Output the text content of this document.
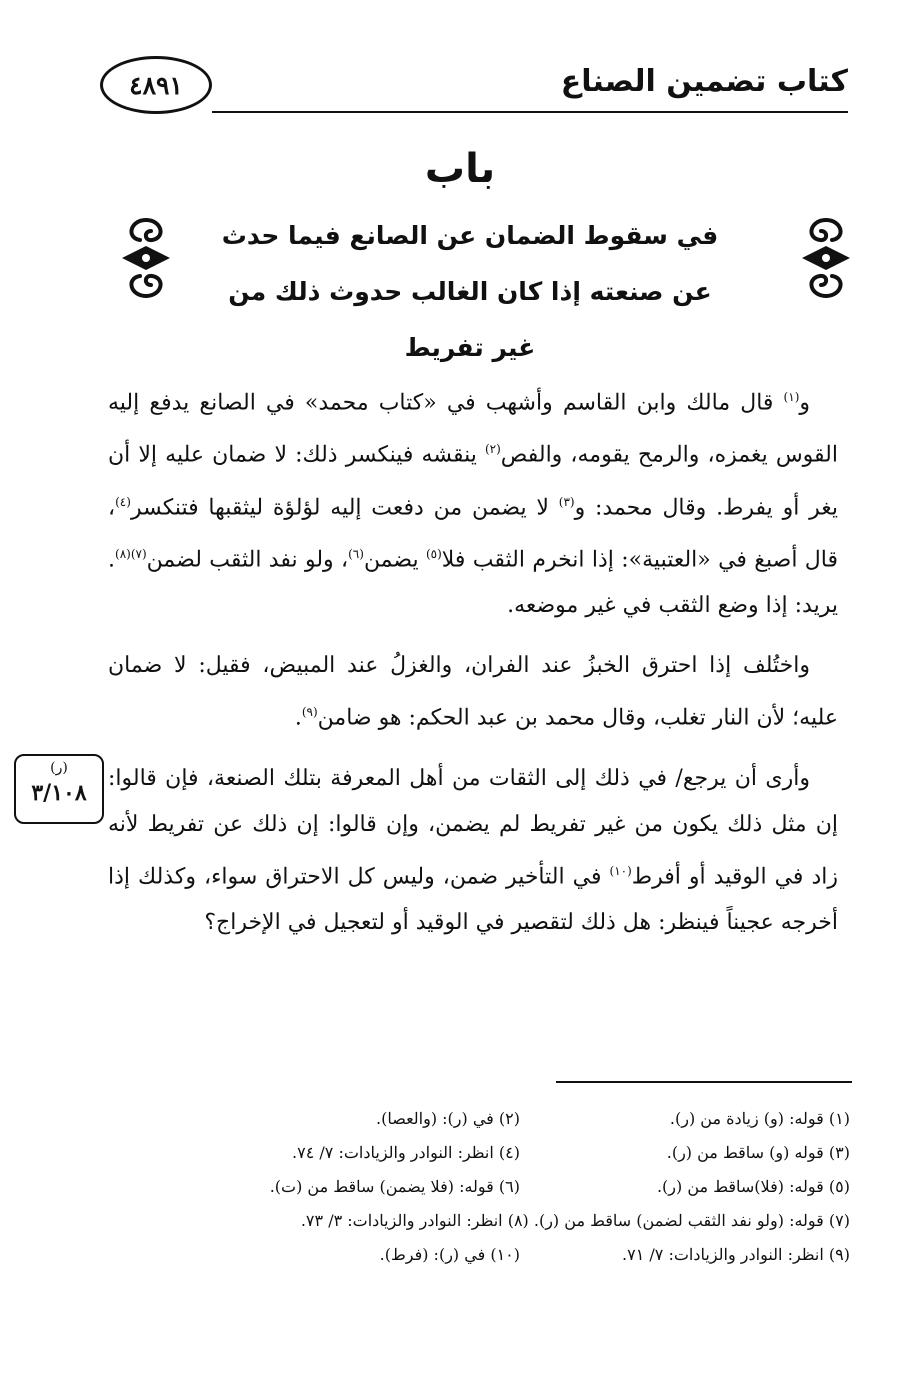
كتاب تضمين الصناع
٤٨٩١
باب
في سقوط الضمان عن الصانع فيما حدث
عن صنعته إذا كان الغالب حدوث ذلك من
غير تفريط

و$^{(١)}$ قال مالك وابن القاسم وأشهب في «كتاب محمد» في الصانع يدفع إليه القوس يغمزه، والرمح يقومه، والفص$^{(٢)}$ ينقشه فينكسر ذلك: لا ضمان عليه إلا أن يغر أو يفرط. وقال محمد: و$^{(٣)}$ لا يضمن من دفعت إليه لؤلؤة ليثقبها فتنكسر$^{(٤)}$، قال أصبغ في «العتبية»: إذا انخرم الثقب فلا$^{(٥)}$ يضمن$^{(٦)}$، ولو نفد الثقب لضمن$^{(٧)(٨)}$. يريد: إذا وضع الثقب في غير موضعه.

واختُلف إذا احترق الخبزُ عند الفران، والغزلُ عند المبيض، فقيل: لا ضمان عليه؛ لأن النار تغلب، وقال محمد بن عبد الحكم: هو ضامن$^{(٩)}$.

وأرى أن يرجع/ في ذلك إلى الثقات من أهل المعرفة بتلك الصنعة، فإن قالوا: إن مثل ذلك يكون من غير تفريط لم يضمن، وإن قالوا: إن ذلك عن تفريط لأنه زاد في الوقيد أو أفرط$^{(١٠)}$ في التأخير ضمن، وليس كل الاحتراق سواء، وكذلك إذا أخرجه عجيناً فينظر: هل ذلك لتقصير في الوقيد أو لتعجيل في الإخراج؟

(ر)
٣/١٠٨
(١) قوله: (و) زيادة من (ر).
(٢) في (ر): (والعصا).
(٣) قوله (و) ساقط من (ر).
(٤) انظر: النوادر والزيادات: ٧/ ٧٤.
(٥) قوله: (فلا)ساقط من (ر).
(٦) قوله: (فلا يضمن) ساقط من (ت).
(٧) قوله: (ولو نفد الثقب لضمن) ساقط من (ر). (٨) انظر: النوادر والزيادات: ٣/ ٧٣.
(٩) انظر: النوادر والزيادات: ٧/ ٧١.
(١٠) في (ر): (فرط).
